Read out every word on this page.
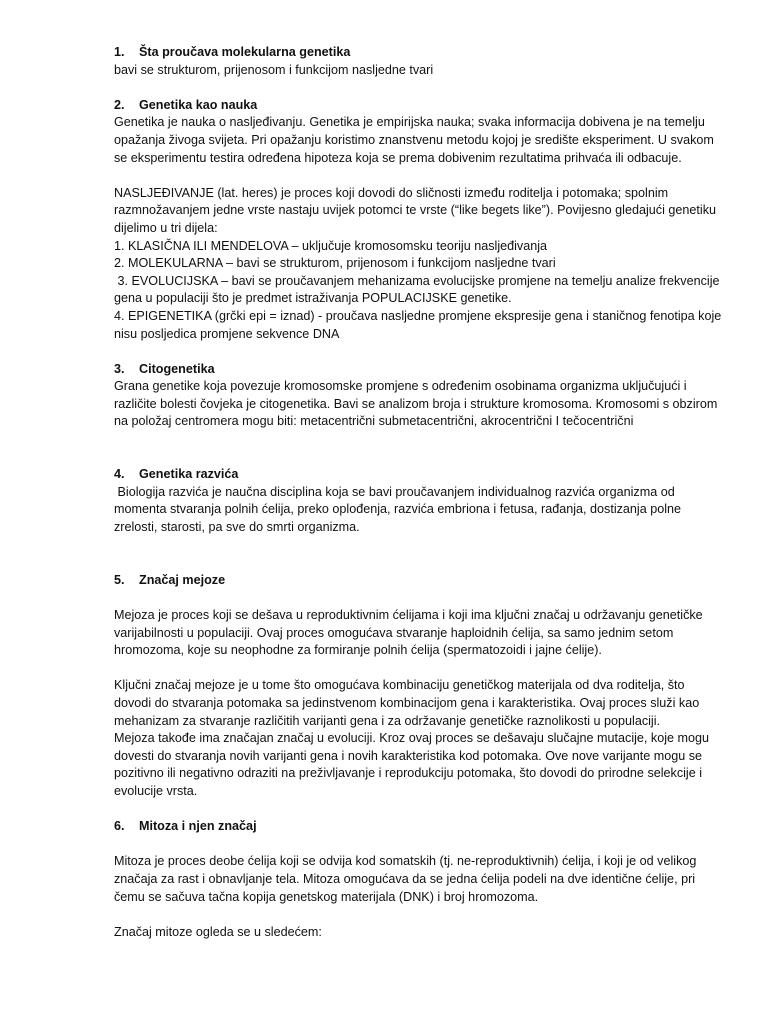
1.	Šta proučava molekularna genetika
bavi se strukturom, prijenosom i funkcijom nasljedne tvari
2.	Genetika kao nauka
Genetika je nauka o nasljeđivanju. Genetika je empirijska nauka; svaka informacija dobivena je na temelju
opažanja živoga svijeta. Pri opažanju koristimo znanstvenu metodu kojoj je središte eksperiment. U svakom
se eksperimentu testira određena hipoteza koja se prema dobivenim rezultatima prihvaća ili odbacuje.
NASLJEĐIVANJE (lat. heres) je proces koji dovodi do sličnosti između roditelja i potomaka; spolnim
razmnožavanjem jedne vrste nastaju uvijek potomci te vrste (“like begets like”). Povijesno gledajući genetiku
dijelimo u tri dijela:
1. KLASIČNA ILI MENDELOVA – uključuje kromosomsku teoriju nasljeđivanja
2. MOLEKULARNA – bavi se strukturom, prijenosom i funkcijom nasljedne tvari
3. EVOLUCIJSKA – bavi se proučavanjem mehanizama evolucijske promjene na temelju analize frekvencije
gena u populaciji što je predmet istraživanja POPULACIJSKE genetike.
4. EPIGENETIKA (grčki epi = iznad) - proučava nasljedne promjene ekspresije gena i staničnog fenotipa koje
nisu posljedica promjene sekvence DNA
3.	Citogenetika
Grana genetike koja povezuje kromosomske promjene s određenim osobinama organizma uključujući i
različite bolesti čovjeka je citogenetika. Bavi se analizom broja i strukture kromosoma. Kromosomi s obzirom
na položaj centromera mogu biti: metacentrični submetacentrični, akrocentrični I tečocentrični
4.	Genetika razvića
Biologija razvića je naučna disciplina koja se bavi proučavanjem individualnog razvića organizma od
momenta stvaranja polnih ćelija, preko oplođenja, razvića embriona i fetusa, rađanja, dostizanja polne
zrelosti, starosti, pa sve do smrti organizma.
5.	Značaj mejoze
Mejoza je proces koji se dešava u reproduktivnim ćelijama i koji ima ključni značaj u održavanju genetičke
varijabilnosti u populaciji. Ovaj proces omogućava stvaranje haploidnih ćelija, sa samo jednim setom
hromozoma, koje su neophodne za formiranje polnih ćelija (spermatozoidi i jajne ćelije).
Ključni značaj mejoze je u tome što omogućava kombinaciju genetičkog materijala od dva roditelja, što
dovodi do stvaranja potomaka sa jedinstvenom kombinacijom gena i karakteristika. Ovaj proces služi kao
mehanizam za stvaranje različitih varijanti gena i za održavanje genetičke raznolikosti u populaciji.
Mejoza takođe ima značajan značaj u evoluciji. Kroz ovaj proces se dešavaju slučajne mutacije, koje mogu
dovesti do stvaranja novih varijanti gena i novih karakteristika kod potomaka. Ove nove varijante mogu se
pozitivno ili negativno odraziti na preživljavanje i reprodukciju potomaka, što dovodi do prirodne selekcije i
evolucije vrsta.
6.	Mitoza i njen značaj
Mitoza je proces deobe ćelija koji se odvija kod somatskih (tj. ne-reproduktivnih) ćelija, i koji je od velikog
značaja za rast i obnavljanje tela. Mitoza omogućava da se jedna ćelija podeli na dve identične ćelije, pri
čemu se sačuva tačna kopija genetskog materijala (DNK) i broj hromozoma.
Značaj mitoze ogleda se u sledećem:
